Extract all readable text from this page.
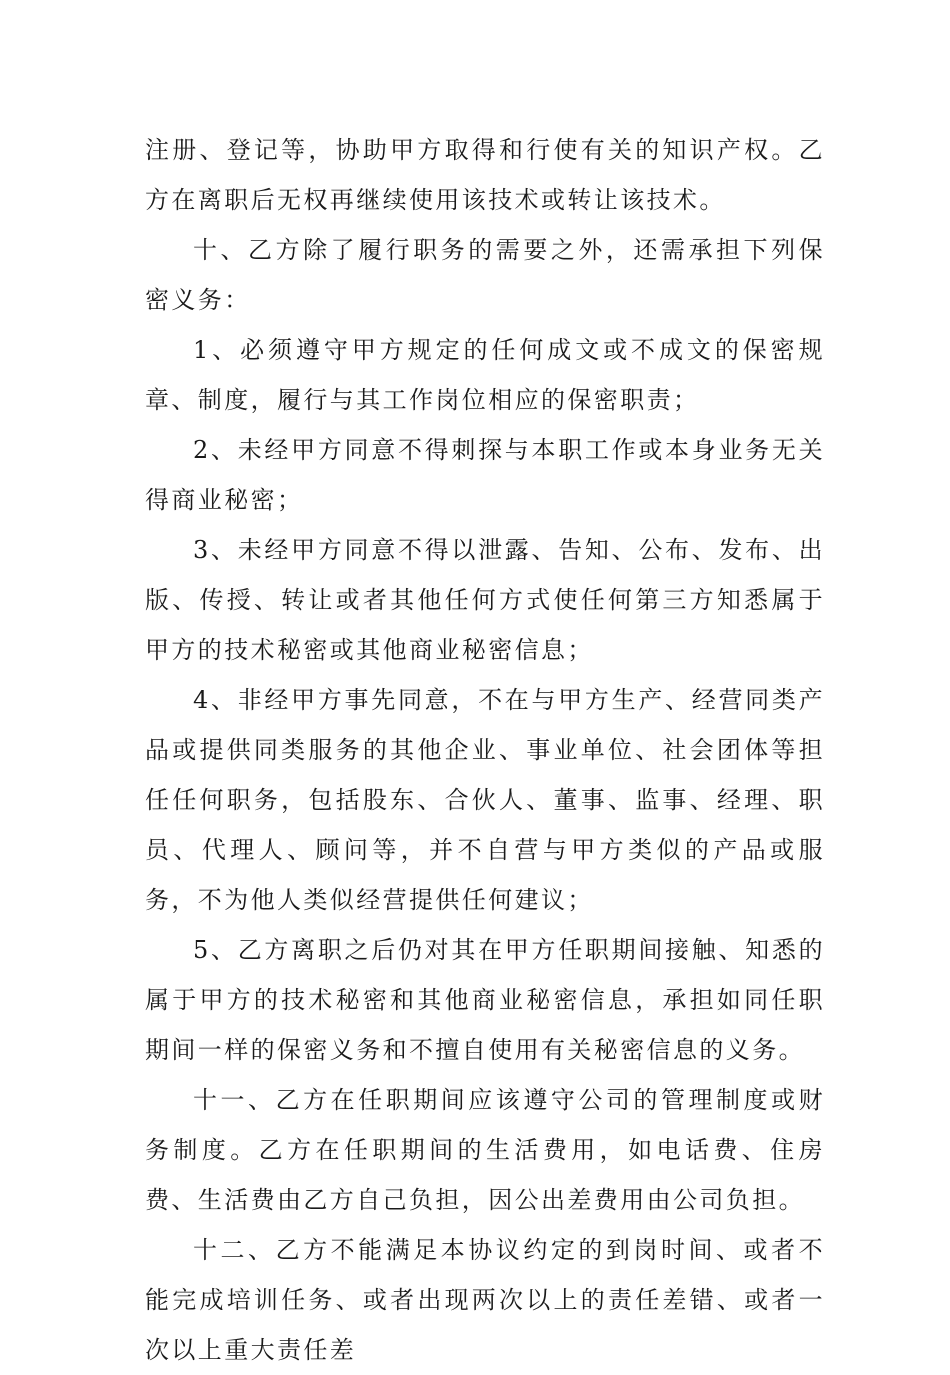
注册、登记等，协助甲方取得和行使有关的知识产权。乙方在离职后无权再继续使用该技术或转让该技术。

十、乙方除了履行职务的需要之外，还需承担下列保密义务：

1、必须遵守甲方规定的任何成文或不成文的保密规章、制度，履行与其工作岗位相应的保密职责；

2、未经甲方同意不得刺探与本职工作或本身业务无关得商业秘密；

3、未经甲方同意不得以泄露、告知、公布、发布、出版、传授、转让或者其他任何方式使任何第三方知悉属于甲方的技术秘密或其他商业秘密信息；

4、非经甲方事先同意，不在与甲方生产、经营同类产品或提供同类服务的其他企业、事业单位、社会团体等担任任何职务，包括股东、合伙人、董事、监事、经理、职员、代理人、顾问等，并不自营与甲方类似的产品或服务，不为他人类似经营提供任何建议；

5、乙方离职之后仍对其在甲方任职期间接触、知悉的属于甲方的技术秘密和其他商业秘密信息，承担如同任职期间一样的保密义务和不擅自使用有关秘密信息的义务。

十一、乙方在任职期间应该遵守公司的管理制度或财务制度。乙方在任职期间的生活费用，如电话费、住房费、生活费由乙方自己负担，因公出差费用由公司负担。

十二、乙方不能满足本协议约定的到岗时间、或者不能完成培训任务、或者出现两次以上的责任差错、或者一次以上重大责任差
